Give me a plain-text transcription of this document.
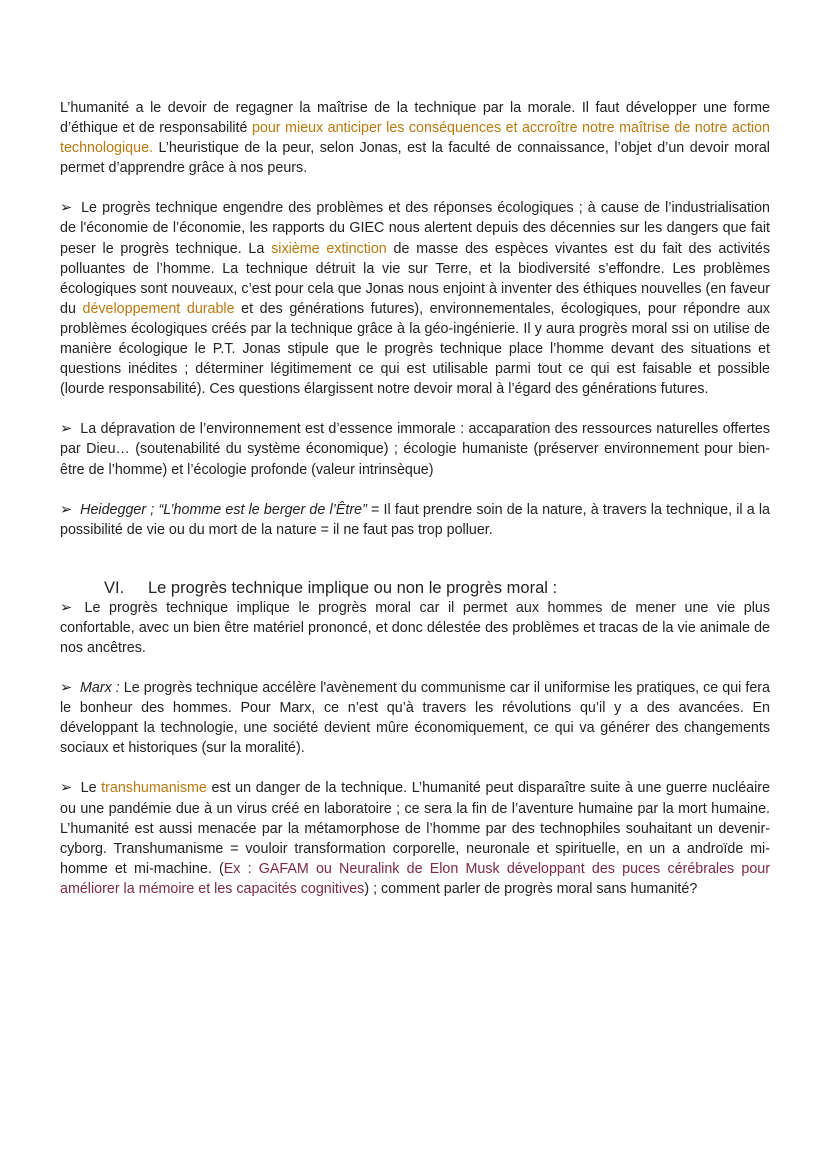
L’humanité a le devoir de regagner la maîtrise de la technique par la morale. Il faut développer une forme d’éthique et de responsabilité pour mieux anticiper les conséquences et accroître notre maîtrise de notre action technologique. L’heuristique de la peur, selon Jonas, est la faculté de connaissance, l’objet d’un devoir moral permet d’apprendre grâce à nos peurs.

➢ Le progrès technique engendre des problèmes et des réponses écologiques ; à cause de l’industrialisation de l'économie de l’économie, les rapports du GIEC nous alertent depuis des décennies sur les dangers que fait peser le progrès technique. La sixième extinction de masse des espèces vivantes est du fait des activités polluantes de l’homme. La technique détruit la vie sur Terre, et la biodiversité s’effondre. Les problèmes écologiques sont nouveaux, c’est pour cela que Jonas nous enjoint à inventer des éthiques nouvelles (en faveur du développement durable et des générations futures), environnementales, écologiques, pour répondre aux problèmes écologiques créés par la technique grâce à la géo-ingénierie. Il y aura progrès moral ssi on utilise de manière écologique le P.T. Jonas stipule que le progrès technique place l’homme devant des situations et questions inédites ; déterminer légitimement ce qui est utilisable parmi tout ce qui est faisable et possible (lourde responsabilité). Ces questions élargissent notre devoir moral à l’égard des générations futures.

➢ La dépravation de l’environnement est d’essence immorale : accaparation des ressources naturelles offertes par Dieu… (soutenabilité du système économique) ; écologie humaniste (préserver environnement pour bien-être de l’homme) et l’écologie profonde (valeur intrinsèque)

➢ Heidegger ; “L’homme est le berger de l’Être” = Il faut prendre soin de la nature, à travers la technique, il a la possibilité de vie ou du mort de la nature = il ne faut pas trop polluer.

VI. Le progrès technique implique ou non le progrès moral :

➢ Le progrès technique implique le progrès moral car il permet aux hommes de mener une vie plus confortable, avec un bien être matériel prononcé, et donc délestée des problèmes et tracas de la vie animale de nos ancêtres.

➢ Marx : Le progrès technique accélère l'avènement du communisme car il uniformise les pratiques, ce qui fera le bonheur des hommes. Pour Marx, ce n’est qu’à travers les révolutions qu’il y a des avancées. En développant la technologie, une société devient mûre économiquement, ce qui va générer des changements sociaux et historiques (sur la moralité).

➢ Le transhumanisme est un danger de la technique. L’humanité peut disparaître suite à une guerre nucléaire ou une pandémie due à un virus créé en laboratoire ; ce sera la fin de l’aventure humaine par la mort humaine. L’humanité est aussi menacée par la métamorphose de l’homme par des technophiles souhaitant un devenir-cyborg. Transhumanisme = vouloir transformation corporelle, neuronale et spirituelle, en un a androïde mi-homme et mi-machine. (Ex : GAFAM ou Neuralink de Elon Musk développant des puces cérébrales pour améliorer la mémoire et les capacités cognitives) ; comment parler de progrès moral sans humanité?
